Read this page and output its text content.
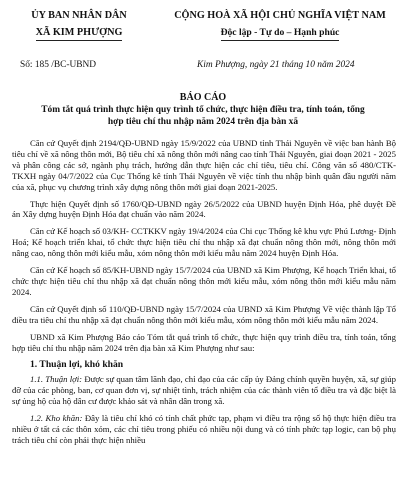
ỦY BAN NHÂN DÂN
XÃ KIM PHƯỢNG
CỘNG HOÀ XÃ HỘI CHỦ NGHĨA VIỆT NAM
Độc lập - Tự do – Hạnh phúc
Số: 185 /BC-UBND	Kim Phượng, ngày 21 tháng 10 năm 2024
BÁO CÁO
Tóm tắt quá trình thực hiện quy trình tổ chức, thực hiện điều tra, tính toán, tổng hợp tiêu chí thu nhập năm 2024 trên địa bàn xã

Căn cứ Quyết định 2194/QĐ-UBND ngày 15/9/2022 của UBND tỉnh Thái Nguyên về việc ban hành Bộ tiêu chí về xã nông thôn mới, Bộ tiêu chí xã nông thôn mới nâng cao tỉnh Thái Nguyên, giai đoạn 2021 - 2025 và phân công các sở, ngành phụ trách, hướng dẫn thực hiện các chỉ tiêu, tiêu chí. Công văn số 480/CTK-TKXH ngày 04/7/2022 của Cục Thống kê tỉnh Thái Nguyên về việc tính thu nhập bình quân đầu người năm của xã, phục vụ chương trình xây dựng nông thôn mới giai đoạn 2021-2025.

Thực hiện Quyết định số 1760/QĐ-UBND ngày 26/5/2022 của UBND huyện Định Hóa, phê duyệt Đề án Xây dựng huyện Định Hóa đạt chuẩn vào năm 2024.

Căn cứ Kế hoạch số 03/KH- CCTKKV ngày 19/4/2024 của Chi cục Thống kê khu vực Phú Lương- Định Hoá; Kế hoạch triển khai, tổ chức thực hiện tiêu chí thu nhập xã đạt chuẩn nông thôn mới, nông thôn mới nâng cao, nông thôn mới kiểu mẫu, xóm nông thôn mới kiểu mẫu năm 2024 huyện Định Hóa.

Căn cứ Kế hoạch số 85/KH-UBND ngày 15/7/2024 của UBND xã Kim Phượng, Kế hoạch Triển khai, tổ chức thực hiện tiêu chí thu nhập xã đạt chuẩn nông thôn mới kiểu mẫu, xóm nông thôn mới kiểu mẫu năm 2024.

Căn cứ Quyết định số 110/QĐ-UBND ngày 15/7/2024 của UBND xã Kim Phượng Về việc thành lập Tổ điều tra tiêu chí thu nhập xã đạt chuẩn nông thôn mới kiểu mẫu, xóm nông thôn mới kiểu mẫu năm 2024.

UBND xã Kim Phượng Báo cáo Tóm tắt quá trình tổ chức, thực hiện quy trình điều tra, tính toán, tổng hợp tiêu chí thu nhập năm 2024 trên địa bàn xã Kim Phượng như sau:

1. Thuận lợi, khó khăn

1.1. Thuận lợi: Được sự quan tâm lãnh đạo, chỉ đạo của các cấp ủy Đảng chính quyền huyện, xã, sự giúp đỡ của các phòng, ban, cơ quan đơn vị, sự nhiệt tình, trách nhiệm của các thành viên tổ điều tra và đặc biệt là sự ủng hộ của hộ dân cư được khảo sát và nhân dân trong xã.

1.2. Kho khăn: Đây là tiêu chí khó có tính chất phức tạp, phạm vi điều tra rộng số hộ thực hiện điều tra nhiều ở tất cả các thôn xóm, các chỉ tiêu trong phiếu có nhiều nội dung và có tính phức tạp logic, can bộ phụ trách tiêu chí còn phải thực hiện nhiều
